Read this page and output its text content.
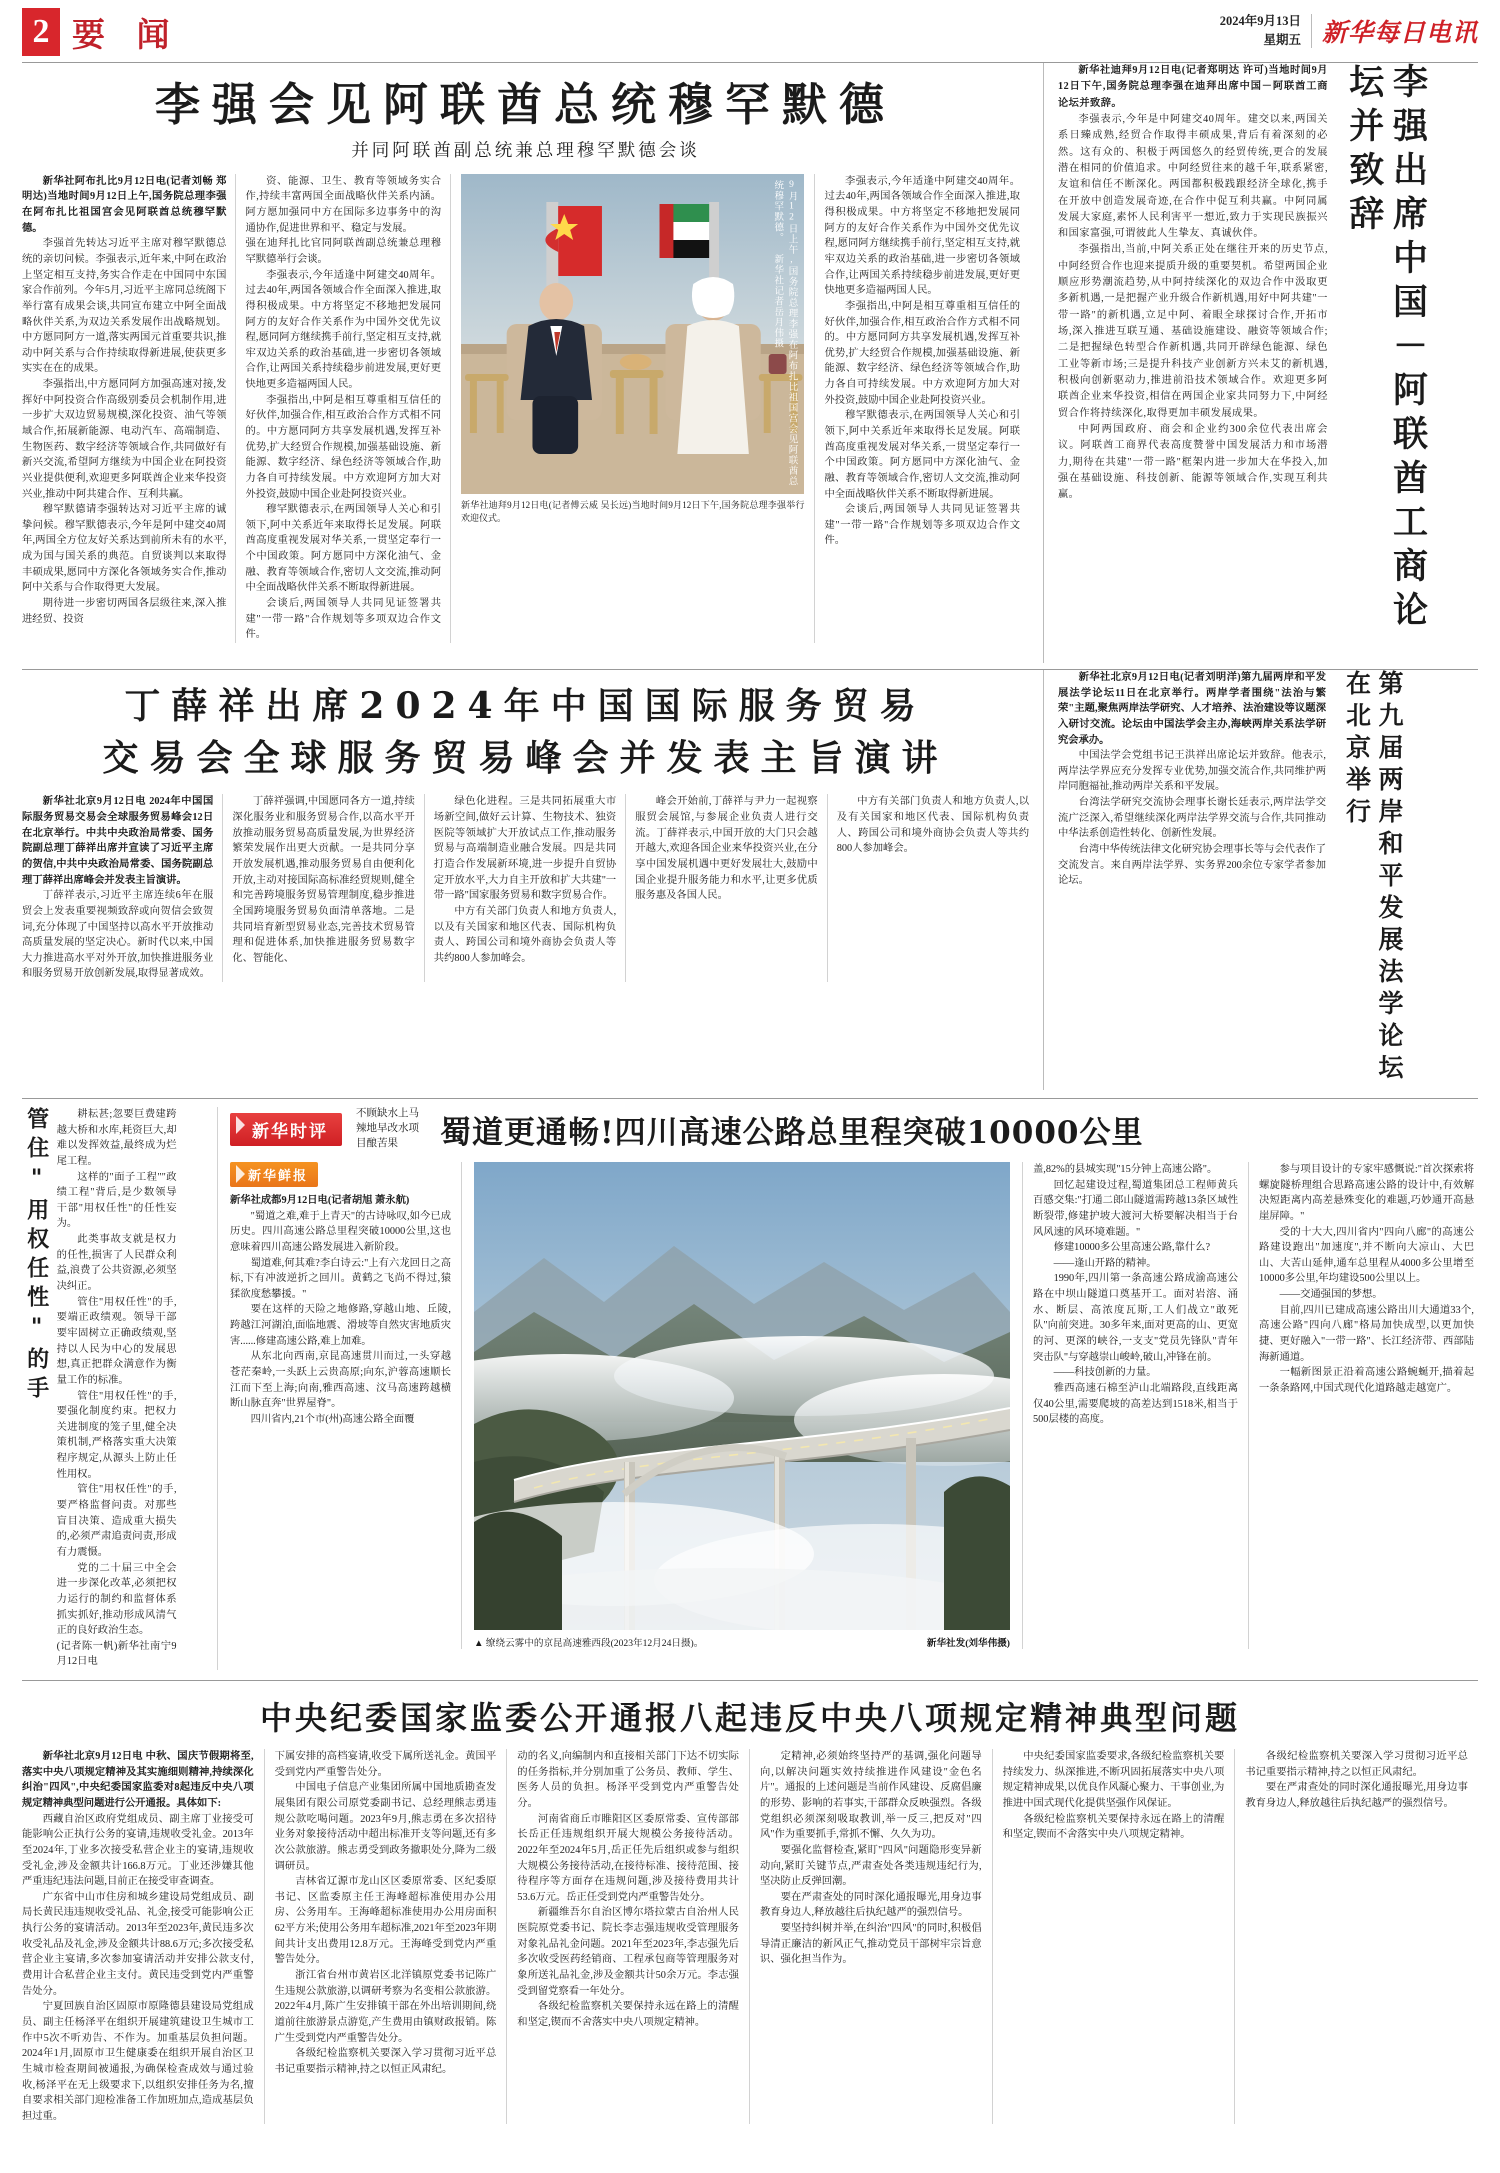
2 要 闻	2024年9月13日
星期五 新华每日电讯
李强会见阿联酋总统穆罕默德
并同阿联酋副总统兼总理穆罕默德会谈

新华社阿布扎比9月12日电(记者刘畅 郑明达)当地时间9月12日上午,国务院总理李强在阿布扎比祖国宫会见阿联酋总统穆罕默德。

李强首先转达习近平主席对穆罕默德总统的亲切问候。李强表示,近年来,中阿在政治上坚定相互支持,务实合作走在中国同中东国家合作前列。今年5月,习近平主席同总统阁下举行富有成果会谈,共同宣布建立中阿全面战略伙伴关系,为双边关系发展作出战略规划。中方愿同阿方一道,落实两国元首重要共识,推动中阿关系与合作持续取得新进展,使获更多实实在在的成果。

李强指出,中方愿同阿方加强高速对接,发挥好中阿投资合作高级别委员会机制作用,进一步扩大双边贸易规模,深化投资、油气等领域合作,拓展新能源、电动汽车、高端制造、生物医药、数字经济等领域合作,共同做好有新兴交流,希望阿方继续为中国企业在阿投资兴业提供便利,欢迎更多阿联酋企业来华投资兴业,推动中阿共建合作、互利共赢。

穆罕默德请李强转达对习近平主席的诚挚问候。穆罕默德表示,今年是阿中建交40周年,两国全方位友好关系达到前所未有的水平,成为国与国关系的典范。自贸谈判以来取得丰硕成果,愿同中方深化各领域务实合作,推动阿中关系与合作取得更大发展。

期待进一步密切两国各层级往来,深入推进经贸、投资

资、能源、卫生、教育等领域务实合作,持续丰富两国全面战略伙伴关系内涵。阿方愿加强同中方在国际多边事务中的沟通协作,促进世界和平、稳定与发展。

强在迪拜扎比官同阿联酋副总统兼总理穆罕默德举行会谈。

李强表示,今年适逢中阿建交40周年。过去40年,两国各领域合作全面深入推进,取得积极成果。中方将坚定不移地把发展同阿方的友好合作关系作为中国外交优先议程,愿同阿方继续携手前行,坚定相互支持,就牢双边关系的政治基础,进一步密切各领域合作,让两国关系持续稳步前进发展,更好更快地更多造福两国人民。

李强指出,中阿是相互尊重相互信任的好伙伴,加强合作,相互政治合作方式相不同的。中方愿同阿方共享发展机遇,发挥互补优势,扩大经贸合作规模,加强基础设施、新能源、数字经济、绿色经济等领域合作,助力各自可持续发展。中方欢迎阿方加大对外投资,鼓励中国企业赴阿投资兴业。

穆罕默德表示,在两国领导人关心和引领下,阿中关系近年来取得长足发展。阿联酋高度重视发展对华关系,一贯坚定奉行一个中国政策。阿方愿同中方深化油气、金融、教育等领域合作,密切人文交流,推动阿中全面战略伙伴关系不断取得新进展。

会谈后,两国领导人共同见证签署共建"一带一路"合作规划等多项双边合作文件。

9月12日上午,国务院总理李强在阿布扎比祖国宫会见阿联酋总统穆罕默德。 新华社记者岳月伟摄

新华社迪拜9月12日电(记者傅云威 吴长远)当地时间9月12日下午,国务院总理李强举行欢迎仪式。

李强表示,今年适逢中阿建交40周年。过去40年,两国各领域合作全面深入推进,取得积极成果。中方将坚定不移地把发展同阿方的友好合作关系作为中国外交优先议程,愿同阿方继续携手前行,坚定相互支持,就牢双边关系的政治基础,进一步密切各领域合作,让两国关系持续稳步前进发展,更好更快地更多造福两国人民。

李强指出,中阿是相互尊重相互信任的好伙伴,加强合作,相互政治合作方式相不同的。中方愿同阿方共享发展机遇,发挥互补优势,扩大经贸合作规模,加强基础设施、新能源、数字经济、绿色经济等领域合作,助力各自可持续发展。中方欢迎阿方加大对外投资,鼓励中国企业赴阿投资兴业。

穆罕默德表示,在两国领导人关心和引领下,阿中关系近年来取得长足发展。阿联酋高度重视发展对华关系,一贯坚定奉行一个中国政策。阿方愿同中方深化油气、金融、教育等领域合作,密切人文交流,推动阿中全面战略伙伴关系不断取得新进展。

会谈后,两国领导人共同见证签署共建"一带一路"合作规划等多项双边合作文件。

新华社迪拜9月12日电(记者郑明达 许可)当地时间9月12日下午,国务院总理李强在迪拜出席中国－阿联酋工商论坛并致辞。

李强表示,今年是中阿建交40周年。建交以来,两国关系日臻成熟,经贸合作取得丰硕成果,背后有着深刻的必然。这有众的、积极于两国悠久的经贸传统,更合的发展潜在相同的价值追求。中阿经贸往来的越千年,联系紧密,友谊和信任不断深化。两国都积极践跟经济全球化,携手在开放中创造发展奇迹,在合作中促互利共赢。中阿同属发展大家庭,素怀人民利害平一想近,致力于实现民族振兴和国家富强,可谓彼此人生挚友、真诚伙伴。

李强指出,当前,中阿关系正处在继往开来的历史节点,中阿经贸合作也迎来提质升级的重要契机。希望两国企业顺应形势潮流趋势,从中阿持续深化的双边合作中汲取更多新机遇,一是把握产业升级合作新机遇,用好中阿共建"一带一路"的新机遇,立足中阿、着眼全球探讨合作,开拓市场,深入推进互联互通、基础设施建设、融资等领域合作;二是把握绿色转型合作新机遇,共同开辟绿色能源、绿色工业等新市场;三是提升科技产业创新方兴未艾的新机遇,积极向创新驱动力,推进前沿技术领域合作。欢迎更多阿联酋企业来华投资,相信在两国企业家共同努力下,中阿经贸合作将持续深化,取得更加丰硕发展成果。

中阿两国政府、商会和企业约300余位代表出席会议。阿联酋工商界代表高度赞誉中国发展活力和市场潜力,期待在共建"一带一路"框架内进一步加大在华投入,加强在基础设施、科技创新、能源等领域合作,实现互利共赢。	李强出席中国－阿联酋工商论坛并致辞
丁薛祥出席2024年中国国际服务贸易
交易会全球服务贸易峰会并发表主旨演讲

新华社北京9月12日电 2024年中国国际服务贸易交易会全球服务贸易峰会12日在北京举行。中共中央政治局常委、国务院副总理丁薛祥出席并宣读了习近平主席的贺信,中共中央政治局常委、国务院副总理丁薛祥出席峰会并发表主旨演讲。

丁薛祥表示,习近平主席连续6年在服贸会上发表重要视频致辞或向贺信会致贺词,充分体现了中国坚持以高水平开放推动高质量发展的坚定决心。新时代以来,中国大力推进高水平对外开放,加快推进服务业和服务贸易开放创新发展,取得显著成效。

丁薛祥强调,中国愿同各方一道,持续深化服务业和服务贸易合作,以高水平开放推动服务贸易高质量发展,为世界经济繁荣发展作出更大贡献。一是共同分享开放发展机遇,推动服务贸易自由便利化开放,主动对接国际高标准经贸规则,健全和完善跨境服务贸易管理制度,稳步推进全国跨境服务贸易负面清单落地。二是共同培育新型贸易业态,完善技术贸易管理和促进体系,加快推进服务贸易数字化、智能化、

绿色化进程。三是共同拓展重大市场新空间,做好云计算、生物技术、独资医院等领域扩大开放试点工作,推动服务贸易与高端制造业融合发展。四是共同打造合作发展新环境,进一步提升自贸协定开放水平,大力自主开放和扩大共建"一带一路"国家服务贸易和数字贸易合作。

中方有关部门负责人和地方负责人,以及有关国家和地区代表、国际机构负责人、跨国公司和境外商协会负责人等共约800人参加峰会。

峰会开始前,丁薛祥与尹力一起视察服贸会展馆,与参展企业负责人进行交流。丁薛祥表示,中国开放的大门只会越开越大,欢迎各国企业来华投资兴业,在分享中国发展机遇中更好发展壮大,鼓励中国企业提升服务能力和水平,让更多优质服务惠及各国人民。

中方有关部门负责人和地方负责人,以及有关国家和地区代表、国际机构负责人、跨国公司和境外商协会负责人等共约800人参加峰会。

新华社北京9月12日电(记者刘明洋)第九届两岸和平发展法学论坛11日在北京举行。两岸学者围绕"法治与繁荣"主题,聚焦两岸法学研究、人才培养、法治建设等议题深入研讨交流。论坛由中国法学会主办,海峡两岸关系法学研究会承办。

中国法学会党组书记王洪祥出席论坛并致辞。他表示,两岸法学界应充分发挥专业优势,加强交流合作,共同维护两岸同胞福祉,推动两岸关系和平发展。

台湾法学研究交流协会理事长谢长廷表示,两岸法学交流广泛深入,希望继续深化两岸法学界交流与合作,共同推动中华法系创造性转化、创新性发展。

台湾中华传统法律文化研究协会理事长等与会代表作了交流发言。来自两岸法学界、实务界200余位专家学者参加论坛。	第九届两岸和平发展法学论坛在北京举行
管住"用权任性"的手	耕耘甚;忽要巨费建跨越大桥和水库,耗资巨大,却难以发挥效益,最终成为烂尾工程。

这样的"面子工程""政绩工程"背后,是少数领导干部"用权任性"的任性妄为。

此类事故支就是权力的任性,损害了人民群众利益,浪费了公共资源,必须坚决纠正。

管住"用权任性"的手,要端正政绩观。领导干部要牢固树立正确政绩观,坚持以人民为中心的发展思想,真正把群众满意作为衡量工作的标准。

管住"用权任性"的手,要强化制度约束。把权力关进制度的笼子里,健全决策机制,严格落实重大决策程序规定,从源头上防止任性用权。

管住"用权任性"的手,要严格监督问责。对那些盲目决策、造成重大损失的,必须严肃追责问责,形成有力震慑。

党的二十届三中全会进一步深化改革,必须把权力运行的制约和监督体系抓实抓好,推动形成风清气正的良好政治生态。

(记者陈一帆)新华社南宁9月12日电

新华时评
不顾缺水上马辣地早改水项目酿苦果	蜀道更通畅!四川高速公路总里程突破10000公里
新华鲜报

新华社成都9月12日电(记者胡旭 萧永航)

"蜀道之难,难于上青天"的古诗咏叹,如今已成历史。四川高速公路总里程突破10000公里,这也意味着四川高速公路发展进入新阶段。

蜀道难,何其难?李白诗云:"上有六龙回日之高标,下有冲波逆折之回川。黄鹤之飞尚不得过,猿猱欲度愁攀援。"

要在这样的天险之地修路,穿越山地、丘陵,跨越江河湖泊,面临地震、滑坡等自然灾害地质灾害......修建高速公路,难上加难。

从东北向西南,京昆高速贯川而过,一头穿越苍茫秦岭,一头跃上云贵高原;向东,沪蓉高速顺长江而下至上海;向南,雅西高速、汶马高速跨越横断山脉直奔"世界屋脊"。

四川省内,21个市(州)高速公路全面覆

▲ 缭绕云雾中的京昆高速雅西段(2023年12月24日摄)。	新华社发(刘华伟摄)

盖,82%的县城实现"15分钟上高速公路"。

回忆起建设过程,蜀道集团总工程师黄兵百感交集:"打通二郎山隧道需跨越13条区域性断裂带,修建护坡大渡河大桥要解决相当于台风风速的风环境难题。"

修建10000多公里高速公路,靠什么?

——逢山开路的精神。

1990年,四川第一条高速公路成渝高速公路在中坝山隧道口奠基开工。面对岩溶、涌水、断层、高浓度瓦斯,工人们战立"敢死队"向前突进。30多年来,面对更高的山、更宽的河、更深的峡谷,一支支"党员先锋队"青年突击队"与穿越崇山峻岭,破山,冲锋在前。

——科技创新的力量。

雅西高速石棉至泸山北端路段,直线距离仅40公里,需要爬坡的高差达到1518米,相当于500层楼的高度。

参与项目设计的专家牢感慨说:"首次探索将螺旋隧桥理组合思路高速公路的设计中,有效解决短距离内高差悬殊变化的难题,巧妙通开高悬崖屏障。"

受的十大大,四川省内"四向八廊"的高速公路建设跑出"加速度",并不断向大凉山、大巴山、大苦山延伸,通车总里程从4000多公里增至10000多公里,年均建设500公里以上。

——交通强国的梦想。

目前,四川已建成高速公路出川大通道33个,高速公路"四向八廊"格局加快成型,以更加快捷、更好融入"一带一路"、长江经济带、西部陆海新通道。

一幅新图景正沿着高速公路蜿蜒开,描着起一条条路网,中国式现代化道路越走越宽广。

中央纪委国家监委公开通报八起违反中央八项规定精神典型问题

新华社北京9月12日电 中秋、国庆节假期将至,落实中央八项规定精神及其实施细则精神,持续深化纠治"四风",中央纪委国家监委对8起违反中央八项规定精神典型问题进行公开通报。具体如下:

西藏自治区政府党组成员、副主席丁业接受可能影响公正执行公务的宴请,违规收受礼金。2013年至2024年,丁业多次接受私营企业主的宴请,违规收受礼金,涉及金额共计166.8万元。丁业还涉嫌其他严重违纪违法问题,目前正在接受审查调查。

广东省中山市住房和城乡建设局党组成员、副局长黄民违违规收受礼品、礼金,接受可能影响公正执行公务的宴请活动。2013年至2023年,黄民违多次收受礼品及礼金,涉及金额共计88.6万元;多次接受私营企业主宴请,多次参加宴请活动并安排公款支付,费用计合私营企业主支付。黄民违受到党内严重警告处分。

宁夏回族自治区固原市原隆德县建设局党组成员、副主任杨泽平在组织开展建筑建设卫生城市工作中5次不听劝告、不作为。加重基层负担问题。2024年1月,固原市卫生健康委在组织开展自治区卫生城市检查期间被通报,为确保检查成效与通过验收,杨泽平在无上级要求下,以组织安排任务为名,擅自要求相关部门迎检准备工作加班加点,造成基层负担过重。

下属安排的高档宴请,收受下属所送礼金。黄国平受到党内严重警告处分。

中国电子信息产业集团所属中国地质勘查发展集团有限公司原党委副书记、总经理熊志勇违规公款吃喝问题。2023年9月,熊志勇在多次招待业务对象接待活动中超出标准开支等问题,还有多次公款旅游。熊志勇受到政务撤职处分,降为二级调研员。

吉林省辽源市龙山区区委原常委、区纪委原书记、区监委原主任王海峰超标准使用办公用房、公务用车。王海峰超标准使用办公用房面积62平方米;使用公务用车超标准,2021年至2023年期间共计支出费用12.8万元。王海峰受到党内严重警告处分。

浙江省台州市黄岩区北洋镇原党委书记陈广生违规公款旅游,以调研考察为名变相公款旅游。2022年4月,陈广生安排镇干部在外出培训期间,绕道前往旅游景点游览,产生费用由镇财政报销。陈广生受到党内严重警告处分。

各级纪检监察机关要深入学习贯彻习近平总书记重要指示精神,持之以恒正风肃纪。

动的名义,向编制内和直接相关部门下达不切实际的任务指标,并分别加重了公务员、教师、学生、医务人员的负担。杨泽平受到党内严重警告处分。

河南省商丘市睢阳区区委原常委、宣传部部长岳正任违规组织开展大规模公务接待活动。2022年至2024年5月,岳正任先后组织或参与组织大规模公务接待活动,在接待标准、接待范围、接待程序等方面存在违规问题,涉及接待费用共计53.6万元。岳正任受到党内严重警告处分。

新疆维吾尔自治区博尔塔拉蒙古自治州人民医院原党委书记、院长李志强违规收受管理服务对象礼品礼金问题。2021年至2023年,李志强先后多次收受医药经销商、工程承包商等管理服务对象所送礼品礼金,涉及金额共计50余万元。李志强受到留党察看一年处分。

各级纪检监察机关要保持永远在路上的清醒和坚定,锲而不舍落实中央八项规定精神。

定精神,必须始终坚持严的基调,强化问题导向,以解决问题实效持续推进作风建设"金色名片"。通报的上述问题是当前作风建设、反腐倡廉的形势、影响的若事实,干部群众反映强烈。各级党组织必须深刻吸取教训,举一反三,把反对"四风"作为重要抓手,常抓不懈、久久为功。

要强化监督检查,紧盯"四风"问题隐形变异新动向,紧盯关键节点,严肃查处各类违规违纪行为,坚决防止反弹回潮。

要在严肃查处的同时深化通报曝光,用身边事教育身边人,释放越往后执纪越严的强烈信号。

要坚持纠树并举,在纠治"四风"的同时,积极倡导清正廉洁的新风正气,推动党员干部树牢宗旨意识、强化担当作为。

中央纪委国家监委要求,各级纪检监察机关要持续发力、纵深推进,不断巩固拓展落实中央八项规定精神成果,以优良作风凝心聚力、干事创业,为推进中国式现代化提供坚强作风保证。

各级纪检监察机关要保持永远在路上的清醒和坚定,锲而不舍落实中央八项规定精神。

各级纪检监察机关要深入学习贯彻习近平总书记重要指示精神,持之以恒正风肃纪。

要在严肃查处的同时深化通报曝光,用身边事教育身边人,释放越往后执纪越严的强烈信号。
